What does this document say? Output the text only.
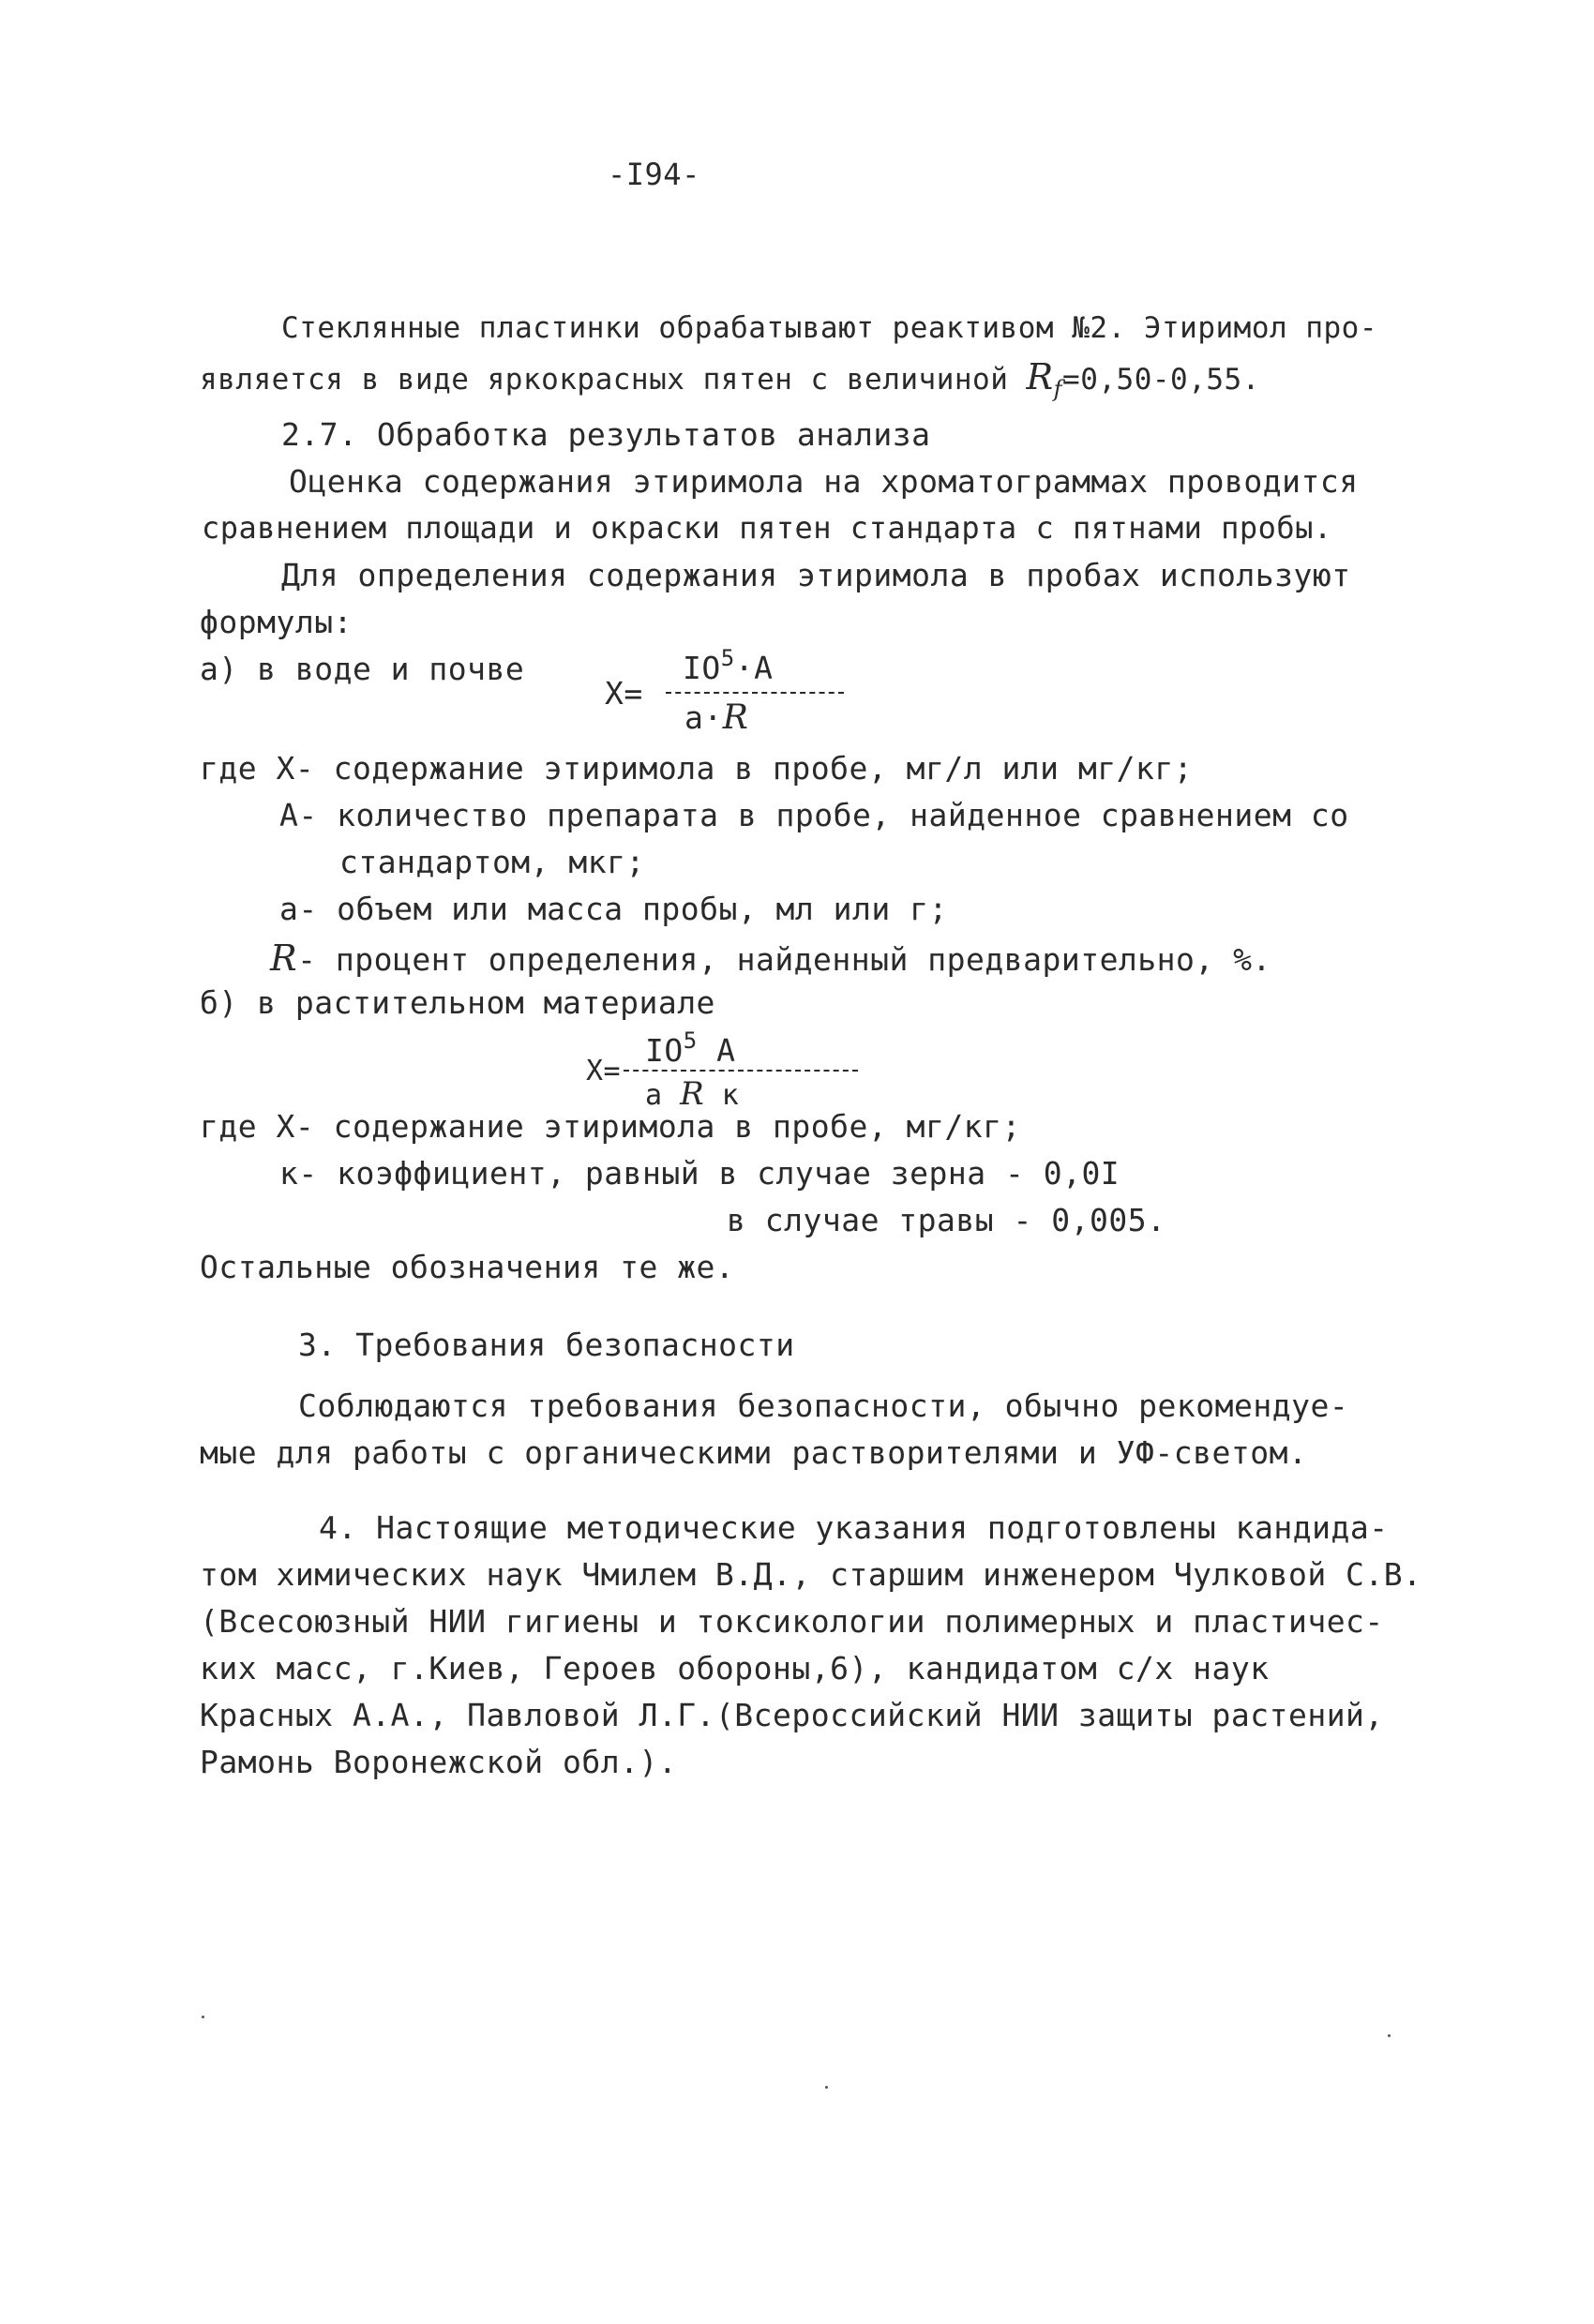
-I94-
Стеклянные пластинки обрабатывают реактивом №2. Этиримол про-
является в виде яркокрасных пятен с величиной $R_f=0,50-0,55$.
2.7. Обработка результатов анализа
Оценка содержания этиримола на хроматограммах проводится
сравнением площади и окраски пятен стандарта с пятнами пробы.
Для определения содержания этиримола в пробах используют
формулы:
а) в воде и почве
X=
$IO^5\cdot A$
а·R
где X- содержание этиримола в пробе, мг/л или мг/кг;
А- количество препарата в пробе, найденное сравнением со
стандартом, мкг;
а- объем или масса пробы, мл или г;
R- процент определения, найденный предварительно, %.
б) в растительном материале
X=
$IO^5$ A
а R к
где X- содержание этиримола в пробе, мг/кг;
к- коэффициент, равный в случае зерна - 0,0I
в случае травы - 0,005.
Остальные обозначения те же.
3. Требования безопасности
Соблюдаются требования безопасности, обычно рекомендуе-
мые для работы с органическими растворителями и УФ-светом.
4. Настоящие методические указания подготовлены кандида-
том химических наук Чмилем В.Д., старшим инженером Чулковой С.В.
(Всесоюзный НИИ гигиены и токсикологии полимерных и пластичес-
ких масс, г.Киев, Героев обороны,6), кандидатом с/х наук
Красных А.А., Павловой Л.Г.(Всероссийский НИИ защиты растений,
Рамонь Воронежской обл.).
